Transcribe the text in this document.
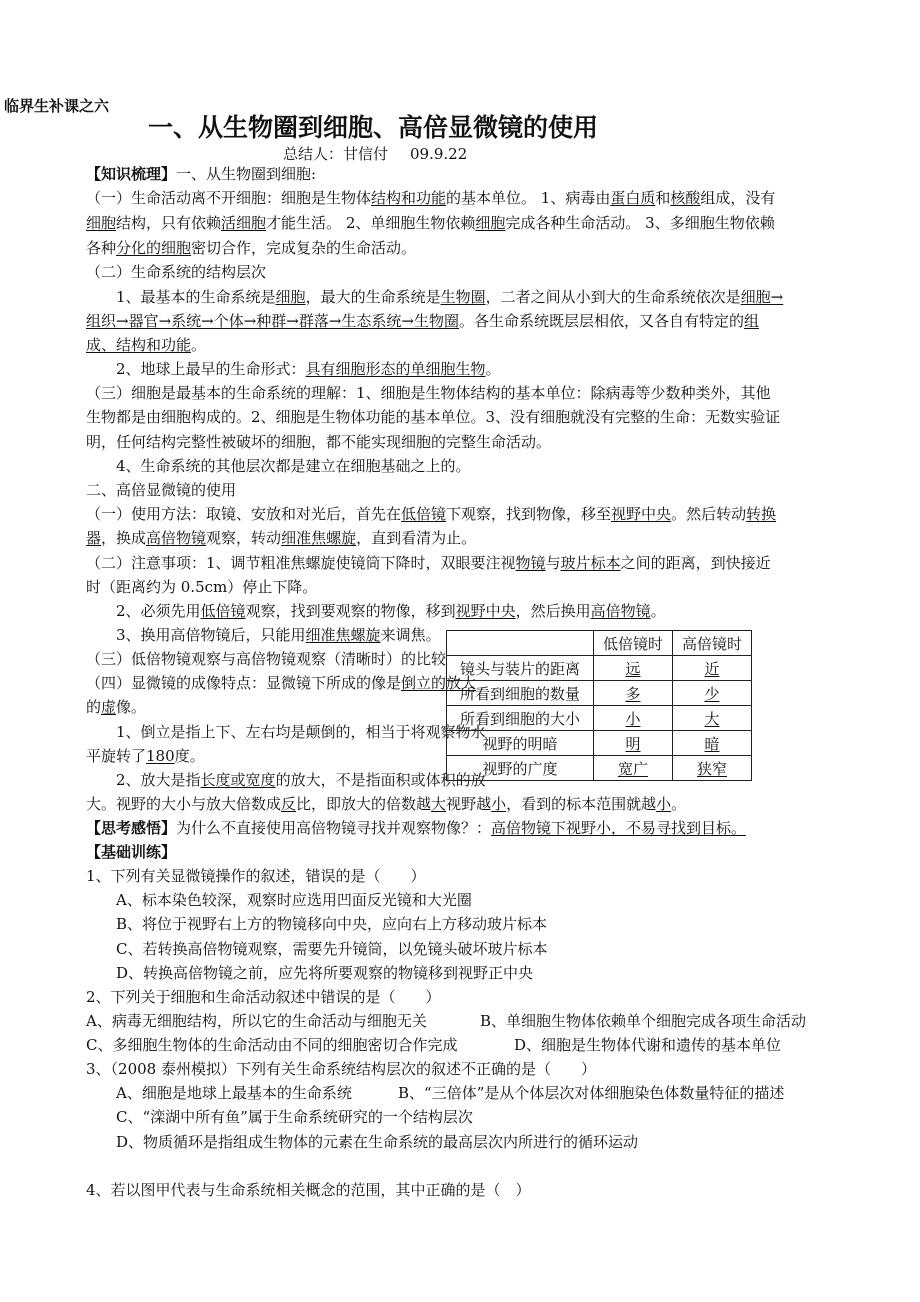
临界生补课之六
一、从生物圈到细胞、高倍显微镜的使用
总结人：甘信付 09.9.22
【知识梳理】一、从生物圈到细胞:
（一）生命活动离不开细胞：细胞是生物体结构和功能的基本单位。 1、病毒由蛋白质和核酸组成，没有
细胞结构，只有依赖活细胞才能生活。 2、单细胞生物依赖细胞完成各种生命活动。 3、多细胞生物依赖
各种分化的细胞密切合作，完成复杂的生命活动。
（二）生命系统的结构层次
1、最基本的生命系统是细胞，最大的生命系统是生物圈，二者之间从小到大的生命系统依次是细胞→
组织→器官→系统→个体→种群→群落→生态系统→生物圈。各生命系统既层层相依，又各自有特定的组
成、结构和功能。
2、地球上最早的生命形式：具有细胞形态的单细胞生物。
（三）细胞是最基本的生命系统的理解：1、细胞是生物体结构的基本单位：除病毒等少数种类外，其他
生物都是由细胞构成的。2、细胞是生物体功能的基本单位。3、没有细胞就没有完整的生命：无数实验证
明，任何结构完整性被破坏的细胞，都不能实现细胞的完整生命活动。
4、生命系统的其他层次都是建立在细胞基础之上的。
二、高倍显微镜的使用
（一）使用方法：取镜、安放和对光后，首先在低倍镜下观察，找到物像，移至视野中央。然后转动转换
器，换成高倍物镜观察，转动细准焦螺旋，直到看清为止。
（二）注意事项：1、调节粗准焦螺旋使镜筒下降时，双眼要注视物镜与玻片标本之间的距离，到快接近
时（距离约为 0.5cm）停止下降。
2、必须先用低倍镜观察，找到要观察的物像，移到视野中央，然后换用高倍物镜。
3、换用高倍物镜后，只能用细准焦螺旋来调焦。
（三）低倍物镜观察与高倍物镜观察（清晰时）的比较
（四）显微镜的成像特点：显微镜下所成的像是倒立的放大
的虚像。
1、倒立是指上下、左右均是颠倒的，相当于将观察物水
平旋转了180度。
2、放大是指长度或宽度的放大，不是指面积或体积的放
大。视野的大小与放大倍数成反比，即放大的倍数越大视野越小，看到的标本范围就越小。
【思考感悟】为什么不直接使用高倍物镜寻找并观察物像？：高倍物镜下视野小，不易寻找到目标。
【基础训练】
1、下列有关显微镜操作的叙述，错误的是（　　）
A、标本染色较深，观察时应选用凹面反光镜和大光圈
B、将位于视野右上方的物镜移向中央，应向右上方移动玻片标本
C、若转换高倍物镜观察，需要先升镜筒，以免镜头破坏玻片标本
D、转换高倍物镜之前，应先将所要观察的物镜移到视野正中央
2、下列关于细胞和生命活动叙述中错误的是（　　）
A、病毒无细胞结构，所以它的生命活动与细胞无关	B、单细胞生物体依赖单个细胞完成各项生命活动
C、多细胞生物体的生命活动由不同的细胞密切合作完成	D、细胞是生物体代谢和遗传的基本单位
3、（2008 泰州模拟）下列有关生命系统结构层次的叙述不正确的是（　　）
A、细胞是地球上最基本的生命系统	B、“三倍体”是从个体层次对体细胞染色体数量特征的描述
C、“滦湖中所有鱼”属于生命系统研究的一个结构层次
D、物质循环是指组成生物体的元素在生命系统的最高层次内所进行的循环运动
4、若以图甲代表与生命系统相关概念的范围，其中正确的是（　）
	低倍镜时	高倍镜时
镜头与装片的距离	远	近
所看到细胞的数量	多	少
所看到细胞的大小	小	大
视野的明暗	明	暗
视野的广度	宽广	狭窄
